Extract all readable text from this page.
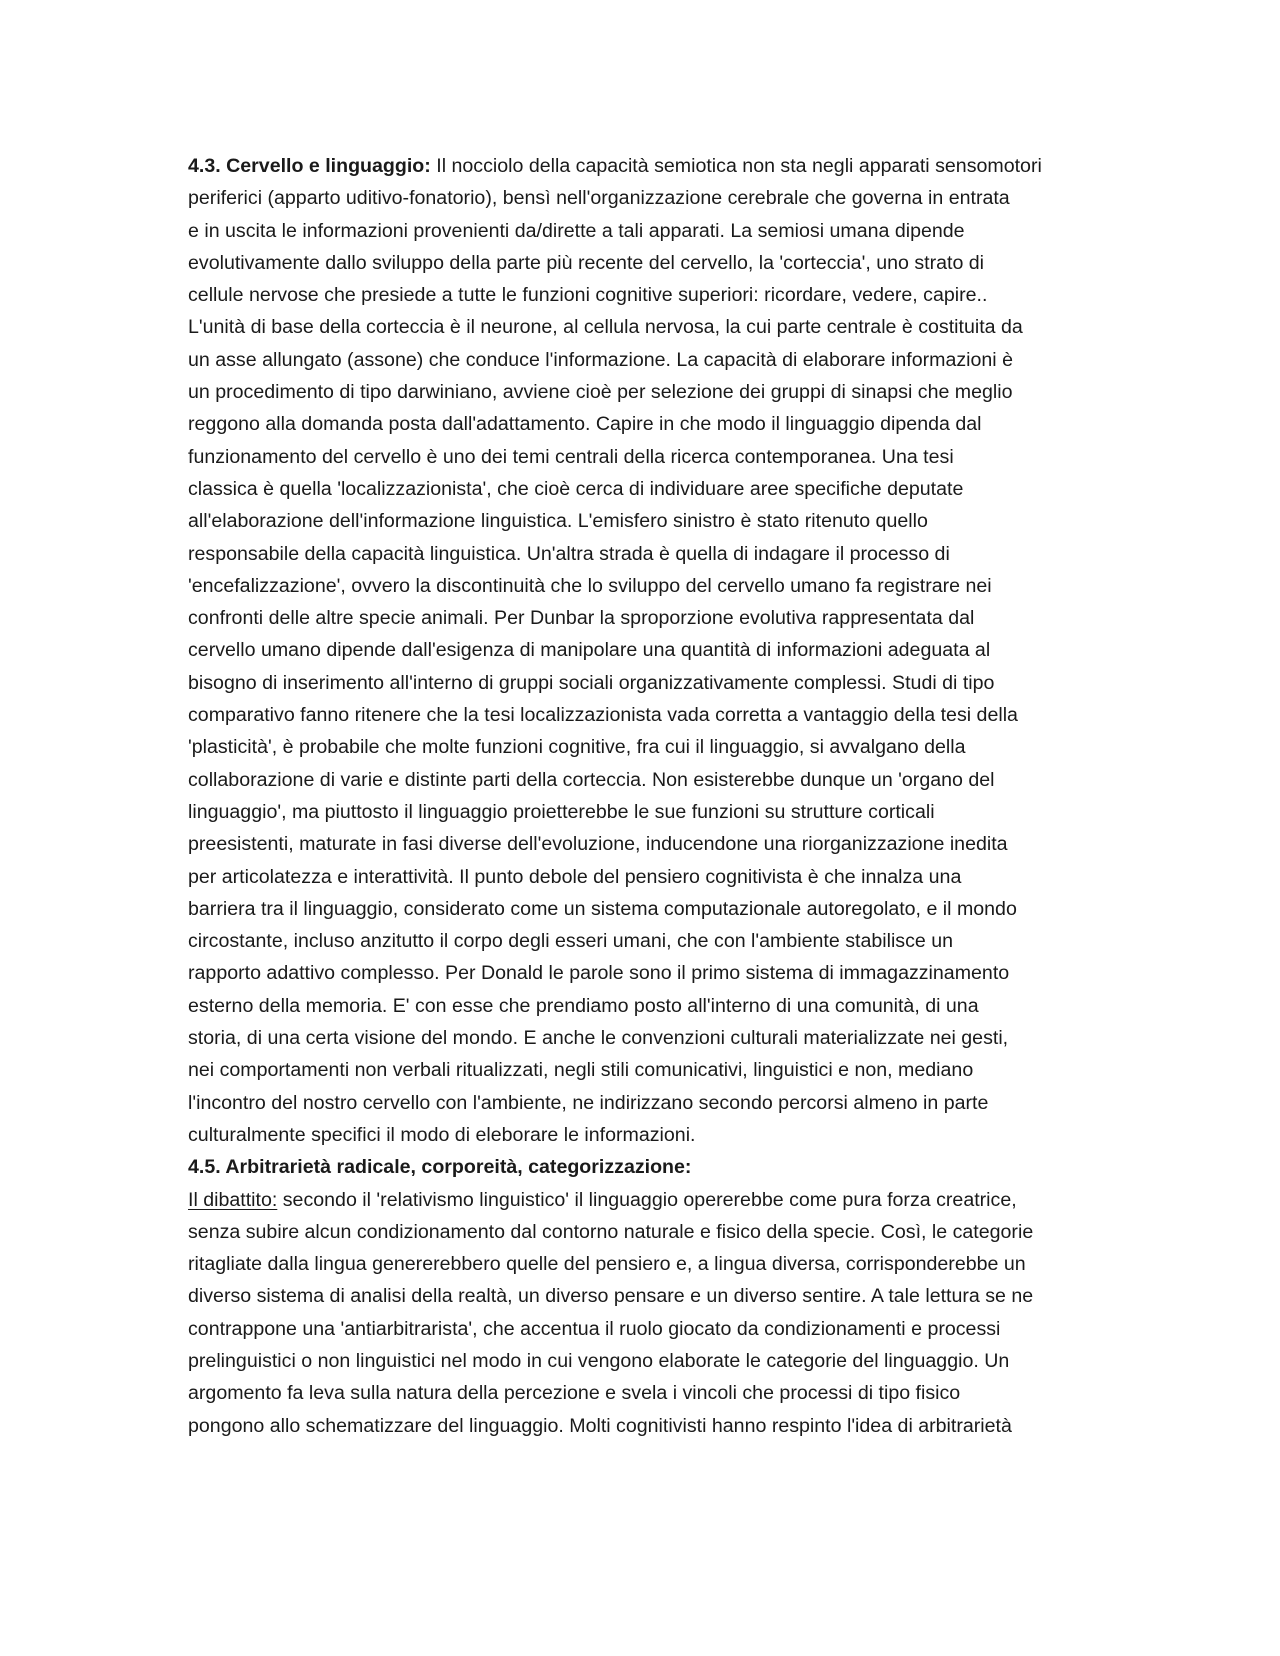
4.3. Cervello e linguaggio: Il nocciolo della capacità semiotica non sta negli apparati sensomotori
periferici (apparto uditivo-fonatorio), bensì nell'organizzazione cerebrale che governa in entrata
e in uscita le informazioni provenienti da/dirette a tali apparati. La semiosi umana dipende
evolutivamente dallo sviluppo della parte più recente del cervello, la 'corteccia', uno strato di
cellule nervose che presiede a tutte le funzioni cognitive superiori: ricordare, vedere, capire..
L'unità di base della corteccia è il neurone, al cellula nervosa, la cui parte centrale è costituita da
un asse allungato (assone) che conduce l'informazione. La capacità di elaborare informazioni è
un procedimento di tipo darwiniano, avviene cioè per selezione dei gruppi di sinapsi che meglio
reggono alla domanda posta dall'adattamento. Capire in che modo il linguaggio dipenda dal
funzionamento del cervello è uno dei temi centrali della ricerca contemporanea. Una tesi
classica è quella 'localizzazionista', che cioè cerca di individuare aree specifiche deputate
all'elaborazione dell'informazione linguistica. L'emisfero sinistro è stato ritenuto quello
responsabile della capacità linguistica. Un'altra strada è quella di indagare il processo di
'encefalizzazione', ovvero la discontinuità che lo sviluppo del cervello umano fa registrare nei
confronti delle altre specie animali. Per Dunbar la sproporzione evolutiva rappresentata dal
cervello umano dipende dall'esigenza di manipolare una quantità di informazioni adeguata al
bisogno di inserimento all'interno di gruppi sociali organizzativamente complessi. Studi di tipo
comparativo fanno ritenere che la tesi localizzazionista vada corretta a vantaggio della tesi della
'plasticità', è probabile che molte funzioni cognitive, fra cui il linguaggio, si avvalgano della
collaborazione di varie e distinte parti della corteccia. Non esisterebbe dunque un 'organo del
linguaggio', ma piuttosto il linguaggio proietterebbe le sue funzioni su strutture corticali
preesistenti, maturate in fasi diverse dell'evoluzione, inducendone una riorganizzazione inedita
per articolatezza e interattività. Il punto debole del pensiero cognitivista è che innalza una
barriera tra il linguaggio, considerato come un sistema computazionale autoregolato, e il mondo
circostante, incluso anzitutto il corpo degli esseri umani, che con l'ambiente stabilisce un
rapporto adattivo complesso. Per Donald le parole sono il primo sistema di immagazzinamento
esterno della memoria. E' con esse che prendiamo posto all'interno di una comunità, di una
storia, di una certa visione del mondo. E anche le convenzioni culturali materializzate nei gesti,
nei comportamenti non verbali ritualizzati, negli stili comunicativi, linguistici e non, mediano
l'incontro del nostro cervello con l'ambiente, ne indirizzano secondo percorsi almeno in parte
culturalmente specifici il modo di eleborare le informazioni.

4.5. Arbitrarietà radicale, corporeità, categorizzazione:

Il dibattito: secondo il 'relativismo linguistico' il linguaggio opererebbe come pura forza creatrice,
senza subire alcun condizionamento dal contorno naturale e fisico della specie. Così, le categorie
ritagliate dalla lingua genererebbero quelle del pensiero e, a lingua diversa, corrisponderebbe un
diverso sistema di analisi della realtà, un diverso pensare e un diverso sentire. A tale lettura se ne
contrappone una 'antiarbitrarista', che accentua il ruolo giocato da condizionamenti e processi
prelinguistici o non linguistici nel modo in cui vengono elaborate le categorie del linguaggio. Un
argomento fa leva sulla natura della percezione e svela i vincoli che processi di tipo fisico
pongono allo schematizzare del linguaggio. Molti cognitivisti hanno respinto l'idea di arbitrarietà
